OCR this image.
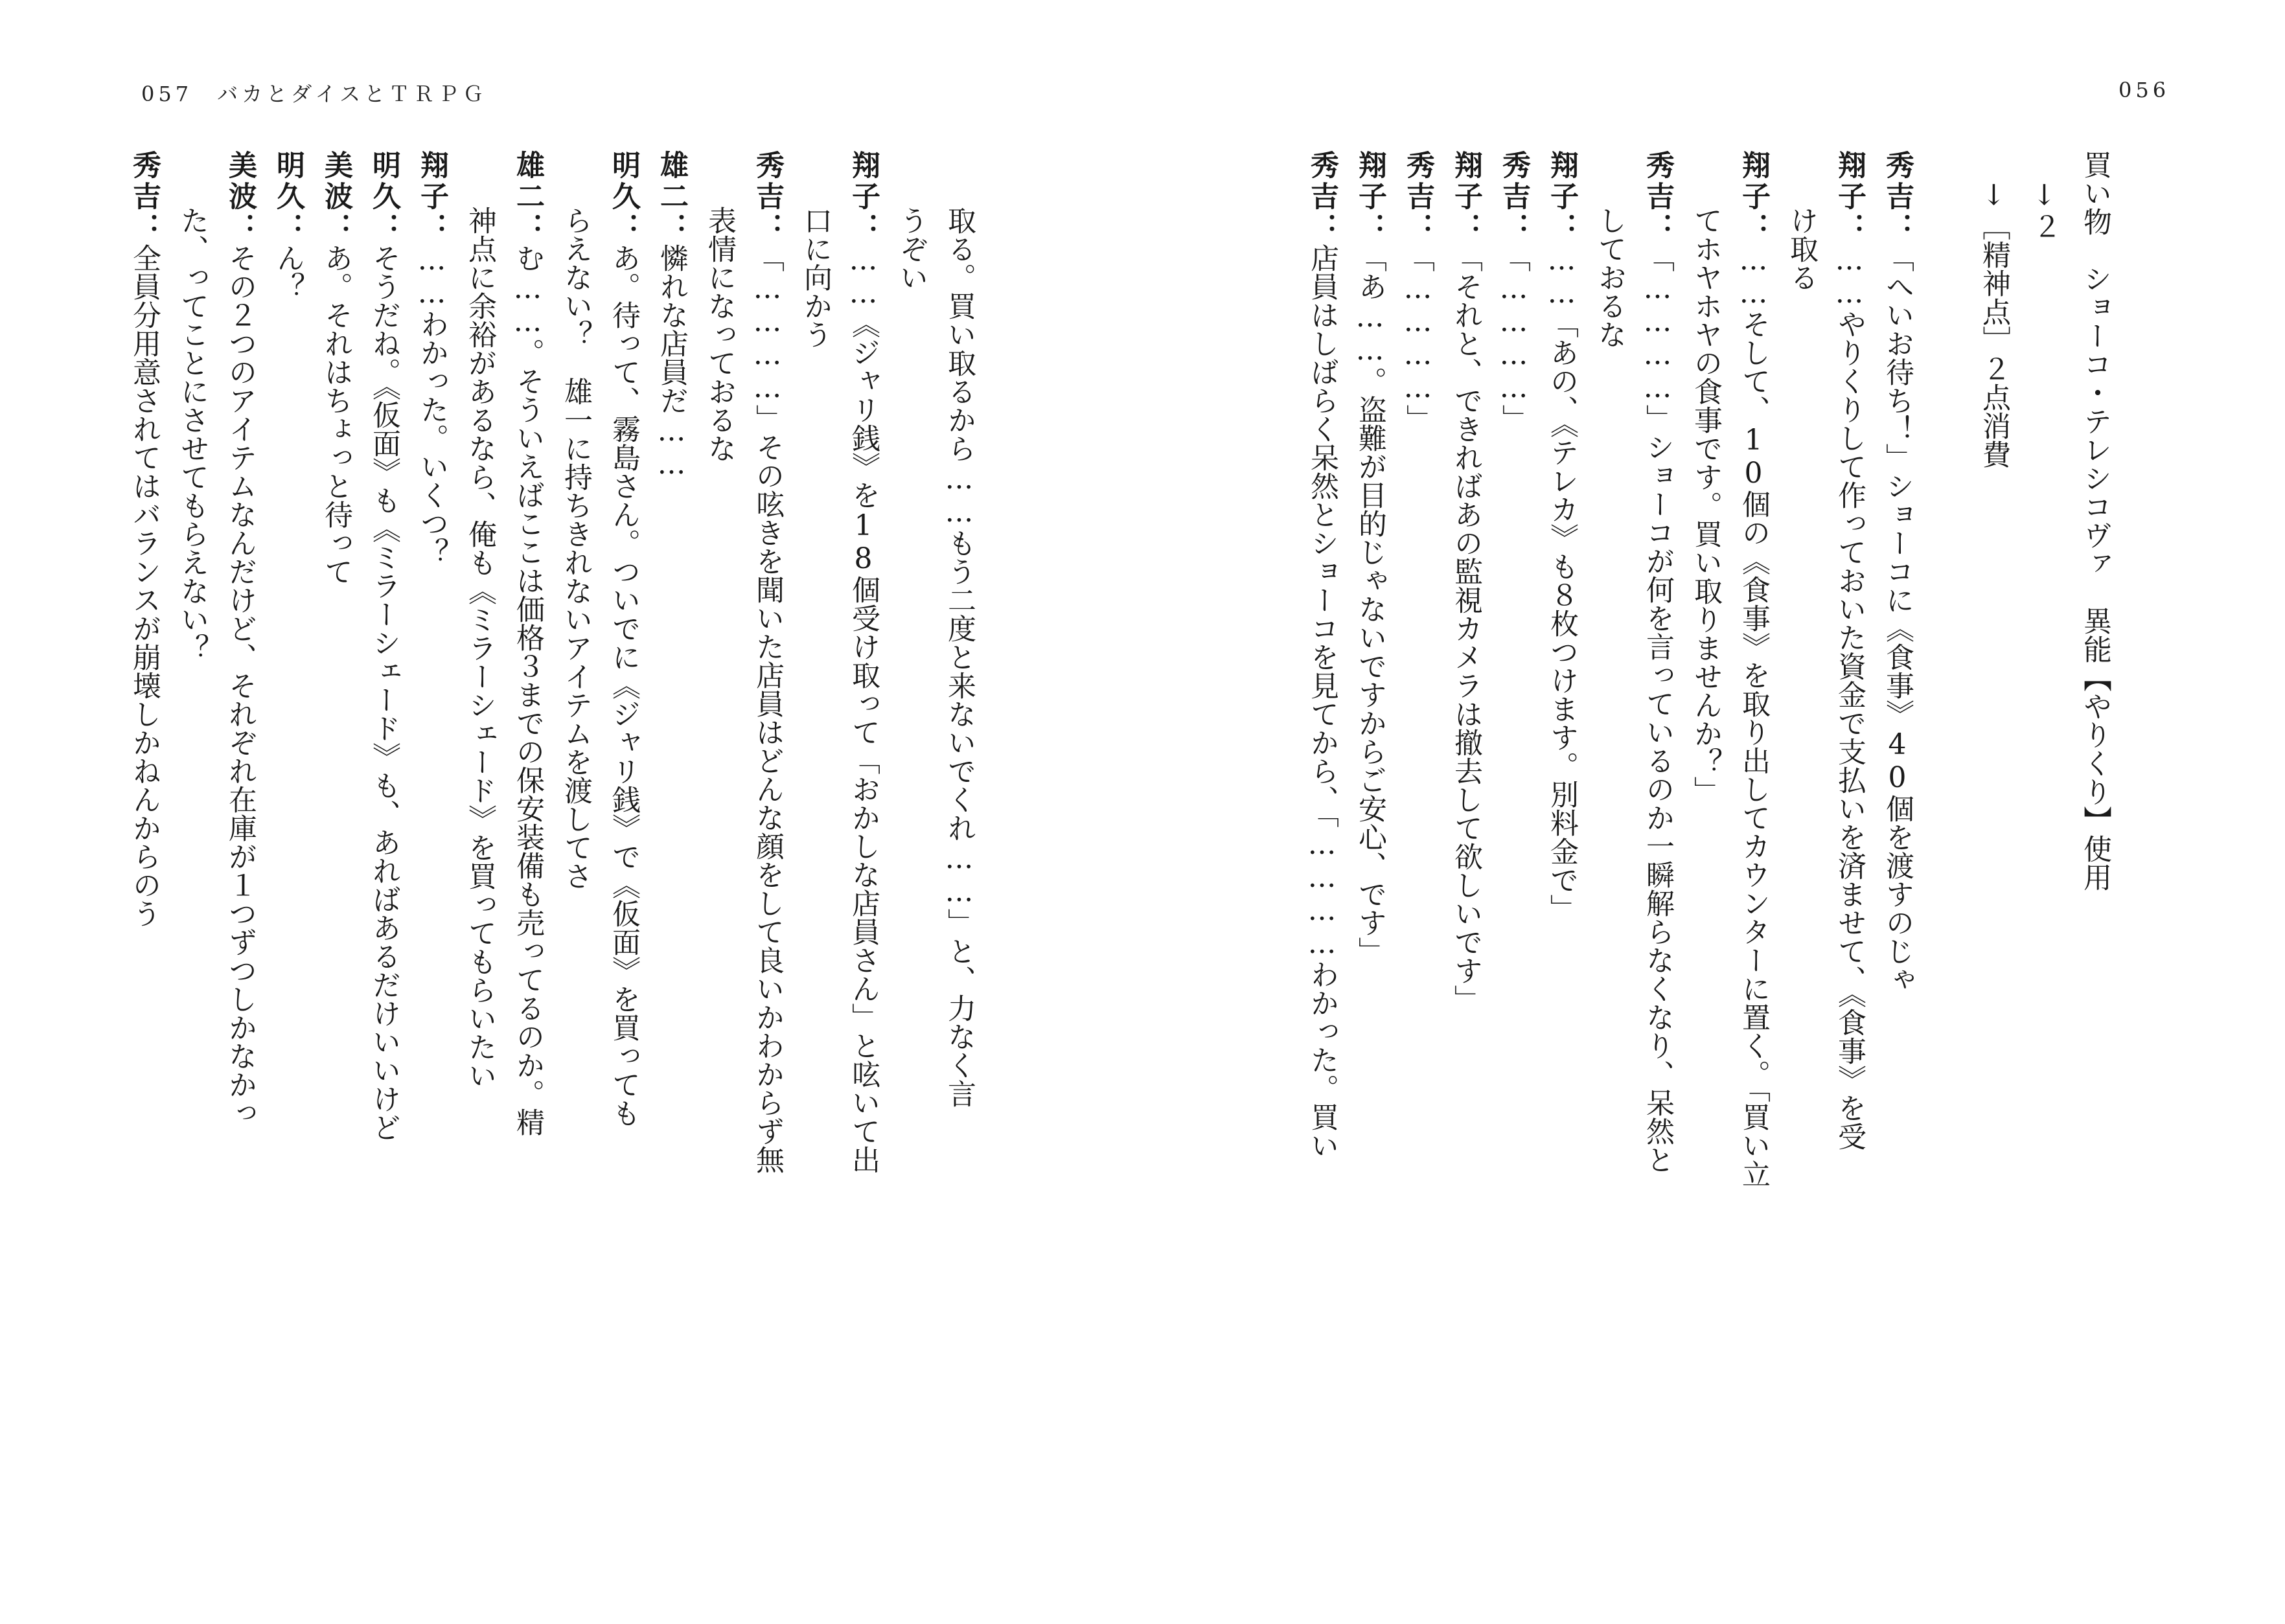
057 バカとダイスとＴＲＰＧ	056
買い物　ショーコ・テレシコヴァ　異能【やりくり】使用
　↓２
　↓［精神点］２点消費
秀吉：「へいお待ち！」ショーコに《食事》40個を渡すのじゃ
翔子：……やりくりして作っておいた資金で支払いを済ませて、《食事》を受
け取る
翔子：……そして、10個の《食事》を取り出してカウンターに置く。「買い立
てホヤホヤの食事です。買い取りませんか？」
秀吉：「…………」ショーコが何を言っているのか一瞬解らなくなり、呆然と
しておるな
翔子：……「あの、《テレカ》も８枚つけます。別料金で」
秀吉：「…………」
翔子：「それと、できればあの監視カメラは撤去して欲しいです」
秀吉：「…………」
翔子：「あ……。盗難が目的じゃないですからご安心、です」
秀吉：店員はしばらく呆然とショーコを見てから、「…………わかった。買い
取る。買い取るから……もう二度と来ないでくれ……」と、力なく言
うぞい
翔子：……《ジャリ銭》を18個受け取って「おかしな店員さん」と呟いて出
口に向かう
秀吉：「…………」その呟きを聞いた店員はどんな顔をして良いかわからず無
表情になっておるな
雄二：憐れな店員だ……
明久：あ。待って、霧島さん。ついでに《ジャリ銭》で《仮面》を買っても
らえない？　雄一に持ちきれないアイテムを渡してさ
雄二：む……。そういえばここは価格３までの保安装備も売ってるのか。精
神点に余裕があるなら、俺も《ミラーシェード》を買ってもらいたい
翔子：……わかった。いくつ？
明久：そうだね。《仮面》も《ミラーシェード》も、あればあるだけいいけど
美波：あ。それはちょっと待って
明久：ん？
美波：その２つのアイテムなんだけど、それぞれ在庫が１つずつしかなかっ
た、ってことにさせてもらえない？
秀吉：全員分用意されてはバランスが崩壊しかねんからのう
